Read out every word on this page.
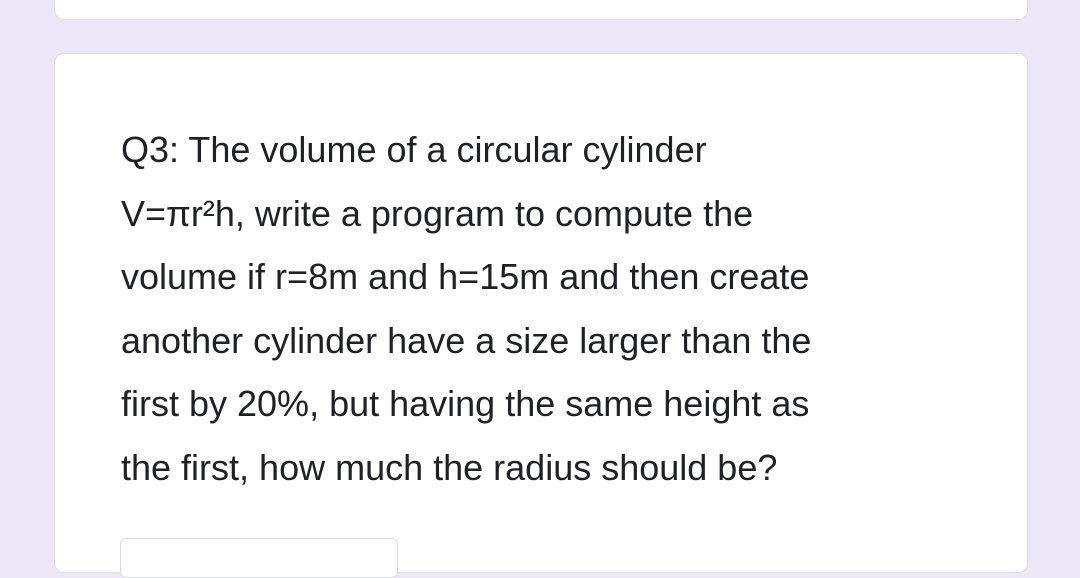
Q3: The volume of a circular cylinder
V=πr²h, write a program to compute the
volume if r=8m and h=15m and then create
another cylinder have a size larger than the
first by 20%, but having the same height as
the first, how much the radius should be?
